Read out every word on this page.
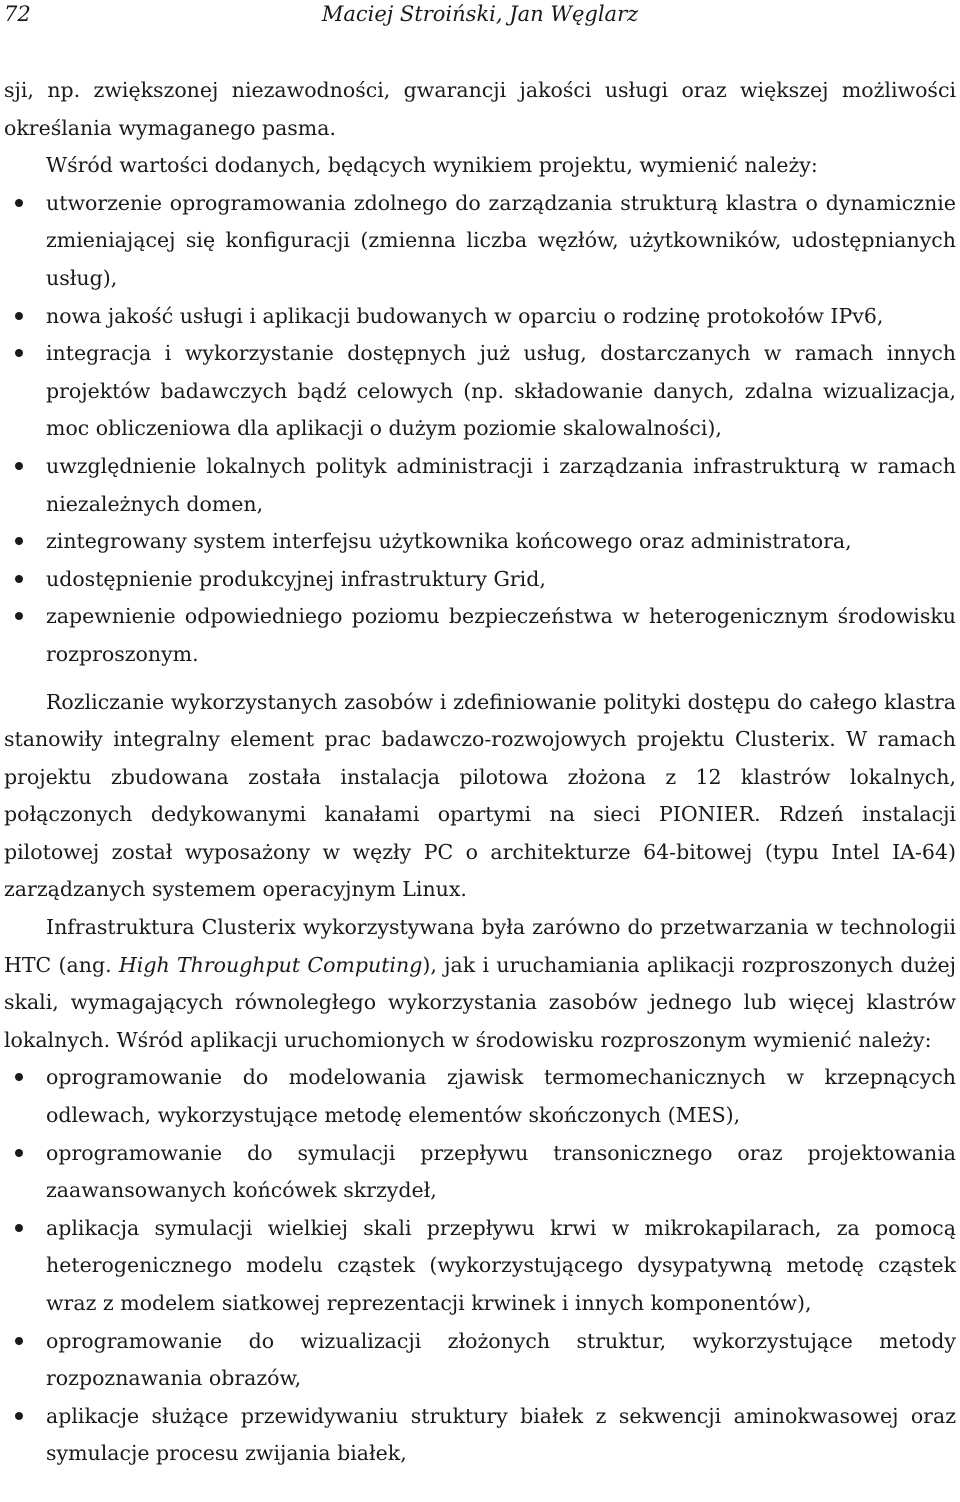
72	Maciej Stroiński, Jan Węglarz

sji, np. zwiększonej niezawodności, gwarancji jakości usługi oraz większej możliwości określania wymaganego pasma.

Wśród wartości dodanych, będących wynikiem projektu, wymienić należy:

utworzenie oprogramowania zdolnego do zarządzania strukturą klastra o dynamicznie zmieniającej się konfiguracji (zmienna liczba węzłów, użytkowników, udostępnianych usług),
nowa jakość usługi i aplikacji budowanych w oparciu o rodzinę protokołów IPv6,
integracja i wykorzystanie dostępnych już usług, dostarczanych w ramach innych projektów badawczych bądź celowych (np. składowanie danych, zdalna wizualizacja, moc obliczeniowa dla aplikacji o dużym poziomie skalowalności),
uwzględnienie lokalnych polityk administracji i zarządzania infrastrukturą w ramach niezależnych domen,
zintegrowany system interfejsu użytkownika końcowego oraz administratora,
udostępnienie produkcyjnej infrastruktury Grid,
zapewnienie odpowiedniego poziomu bezpieczeństwa w heterogenicznym środowisku rozproszonym.

Rozliczanie wykorzystanych zasobów i zdefiniowanie polityki dostępu do całego klastra stanowiły integralny element prac badawczo-rozwojowych projektu Clusterix. W ramach projektu zbudowana została instalacja pilotowa złożona z 12 klastrów lokalnych, połączonych dedykowanymi kanałami opartymi na sieci PIONIER. Rdzeń instalacji pilotowej został wyposażony w węzły PC o architekturze 64-bitowej (typu Intel IA-64) zarządzanych systemem operacyjnym Linux.

Infrastruktura Clusterix wykorzystywana była zarówno do przetwarzania w technologii HTC (ang. High Throughput Computing), jak i uruchamiania aplikacji rozproszonych dużej skali, wymagających równoległego wykorzystania zasobów jednego lub więcej klastrów lokalnych. Wśród aplikacji uruchomionych w środowisku rozproszonym wymienić należy:

oprogramowanie do modelowania zjawisk termomechanicznych w krzepnących odlewach, wykorzystujące metodę elementów skończonych (MES),
oprogramowanie do symulacji przepływu transonicznego oraz projektowania zaawansowanych końcówek skrzydeł,
aplikacja symulacji wielkiej skali przepływu krwi w mikrokapilarach, za pomocą heterogenicznego modelu cząstek (wykorzystującego dysypatywną metodę cząstek wraz z modelem siatkowej reprezentacji krwinek i innych komponentów),
oprogramowanie do wizualizacji złożonych struktur, wykorzystujące metody rozpoznawania obrazów,
aplikacje służące przewidywaniu struktury białek z sekwencji aminokwasowej oraz symulacje procesu zwijania białek,
